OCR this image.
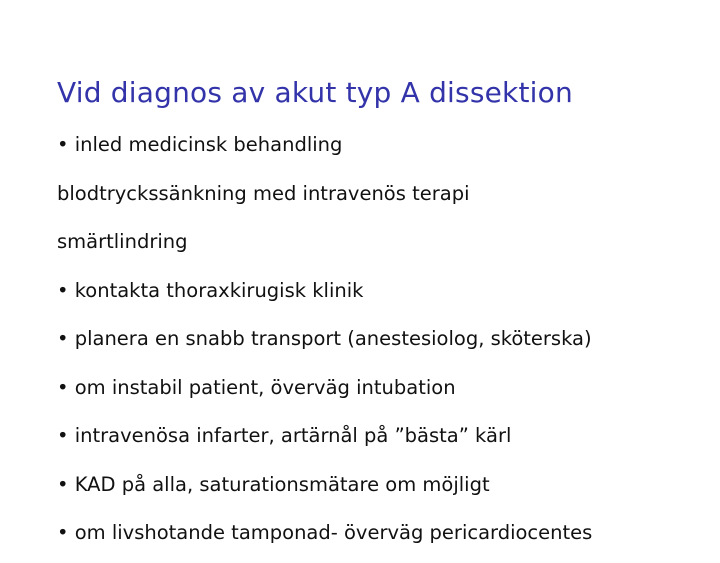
Vid diagnos av akut typ A dissektion
• inled medicinsk behandling
blodtryckssänkning med intravenös terapi
smärtlindring
• kontakta thoraxkirugisk klinik
• planera en snabb transport (anestesiolog, sköterska)
• om instabil patient, överväg intubation
• intravenösa infarter, artärnål på ”bästa” kärl
• KAD på alla, saturationsmätare om möjligt
• om livshotande tamponad- överväg pericardiocentes
